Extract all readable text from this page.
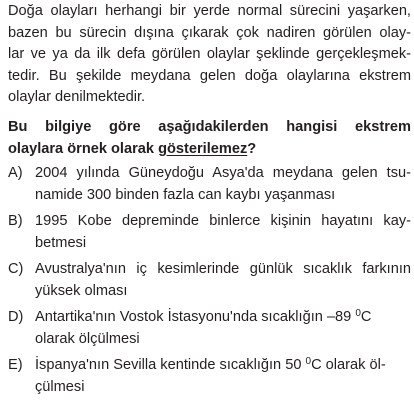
Doğa olayları herhangi bir yerde normal sürecini yaşarken,
bazen bu sürecin dışına çıkarak çok nadiren görülen olay-
lar ve ya da ilk defa görülen olaylar şeklinde gerçekleşmek-
tedir. Bu şekilde meydana gelen doğa olaylarına ekstrem
olaylar denilmektedir.

Bu bilgiye göre aşağıdakilerden hangisi ekstrem
olaylara örnek olarak gösterilemez?
A) 2004 yılında Güneydoğu Asya'da meydana gelen tsu-
namide 300 binden fazla can kaybı yaşanması
B) 1995 Kobe depreminde binlerce kişinin hayatını kay-
betmesi
C) Avustralya'nın iç kesimlerinde günlük sıcaklık farkının
yüksek olması
D) Antartika'nın Vostok İstasyonu'nda sıcaklığın –89 $^0$C
olarak ölçülmesi
E) İspanya'nın Sevilla kentinde sıcaklığın 50 $^0$C olarak öl-
çülmesi
